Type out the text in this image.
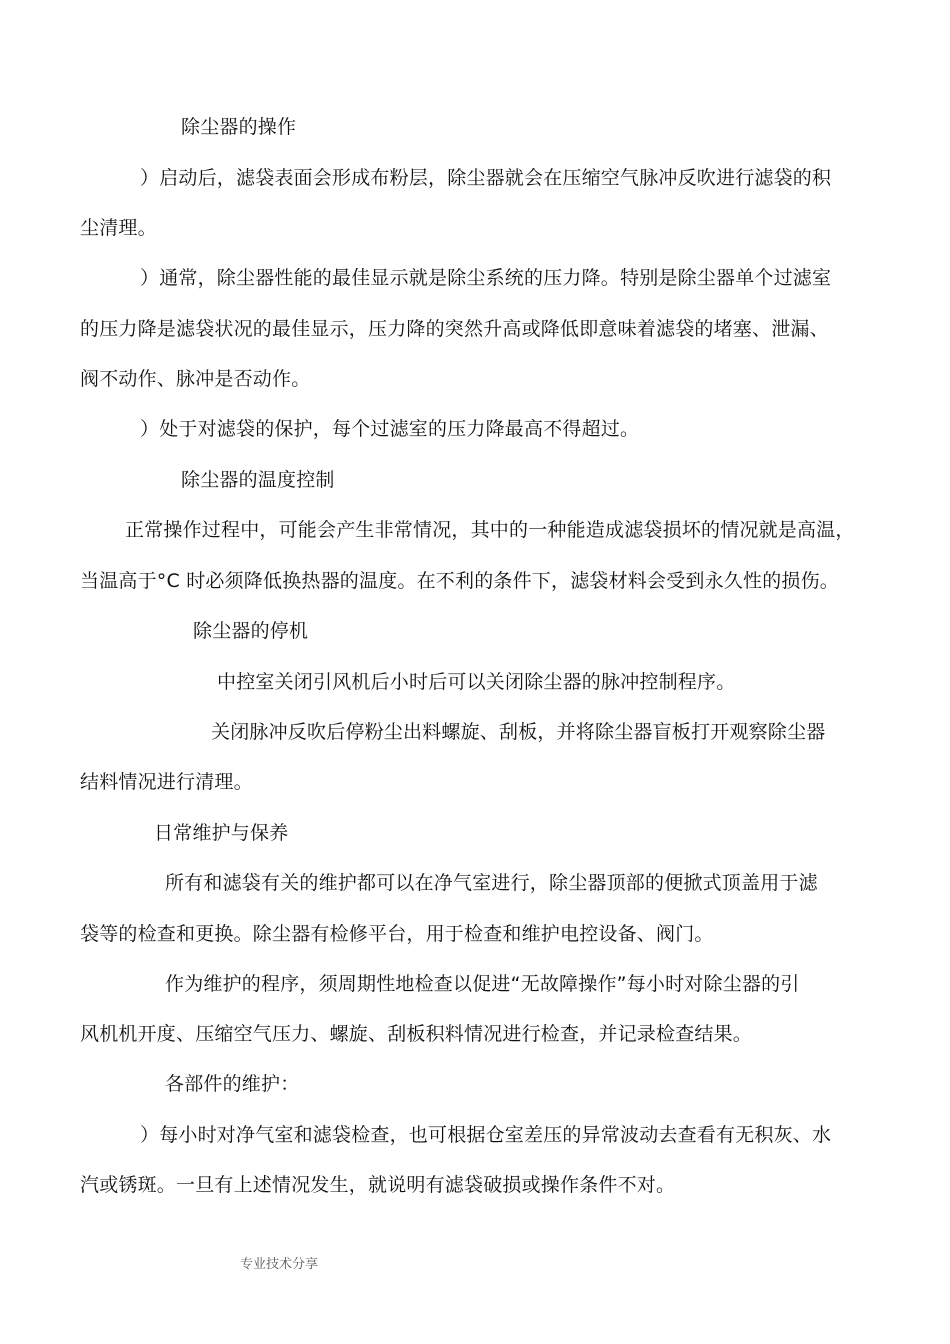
除尘器的操作
）启动后，滤袋表面会形成布粉层，除尘器就会在压缩空气脉冲反吹进行滤袋的积
尘清理。
）通常，除尘器性能的最佳显示就是除尘系统的压力降。特别是除尘器单个过滤室
的压力降是滤袋状况的最佳显示，压力降的突然升高或降低即意味着滤袋的堵塞、泄漏、
阀不动作、脉冲是否动作。
）处于对滤袋的保护，每个过滤室的压力降最高不得超过。
除尘器的温度控制
正常操作过程中，可能会产生非常情况，其中的一种能造成滤袋损坏的情况就是高温，
当温高于°C 时必须降低换热器的温度。在不利的条件下，滤袋材料会受到永久性的损伤。
除尘器的停机
中控室关闭引风机后小时后可以关闭除尘器的脉冲控制程序。
关闭脉冲反吹后停粉尘出料螺旋、刮板，并将除尘器盲板打开观察除尘器
结料情况进行清理。
日常维护与保养
所有和滤袋有关的维护都可以在净气室进行，除尘器顶部的便掀式顶盖用于滤
袋等的检查和更换。除尘器有检修平台，用于检查和维护电控设备、阀门。
作为维护的程序，须周期性地检查以促进“无故障操作”每小时对除尘器的引
风机机开度、压缩空气压力、螺旋、刮板积料情况进行检查，并记录检查结果。
各部件的维护：
）每小时对净气室和滤袋检查，也可根据仓室差压的异常波动去查看有无积灰、水
汽或锈斑。一旦有上述情况发生，就说明有滤袋破损或操作条件不对。
专业技术分享
